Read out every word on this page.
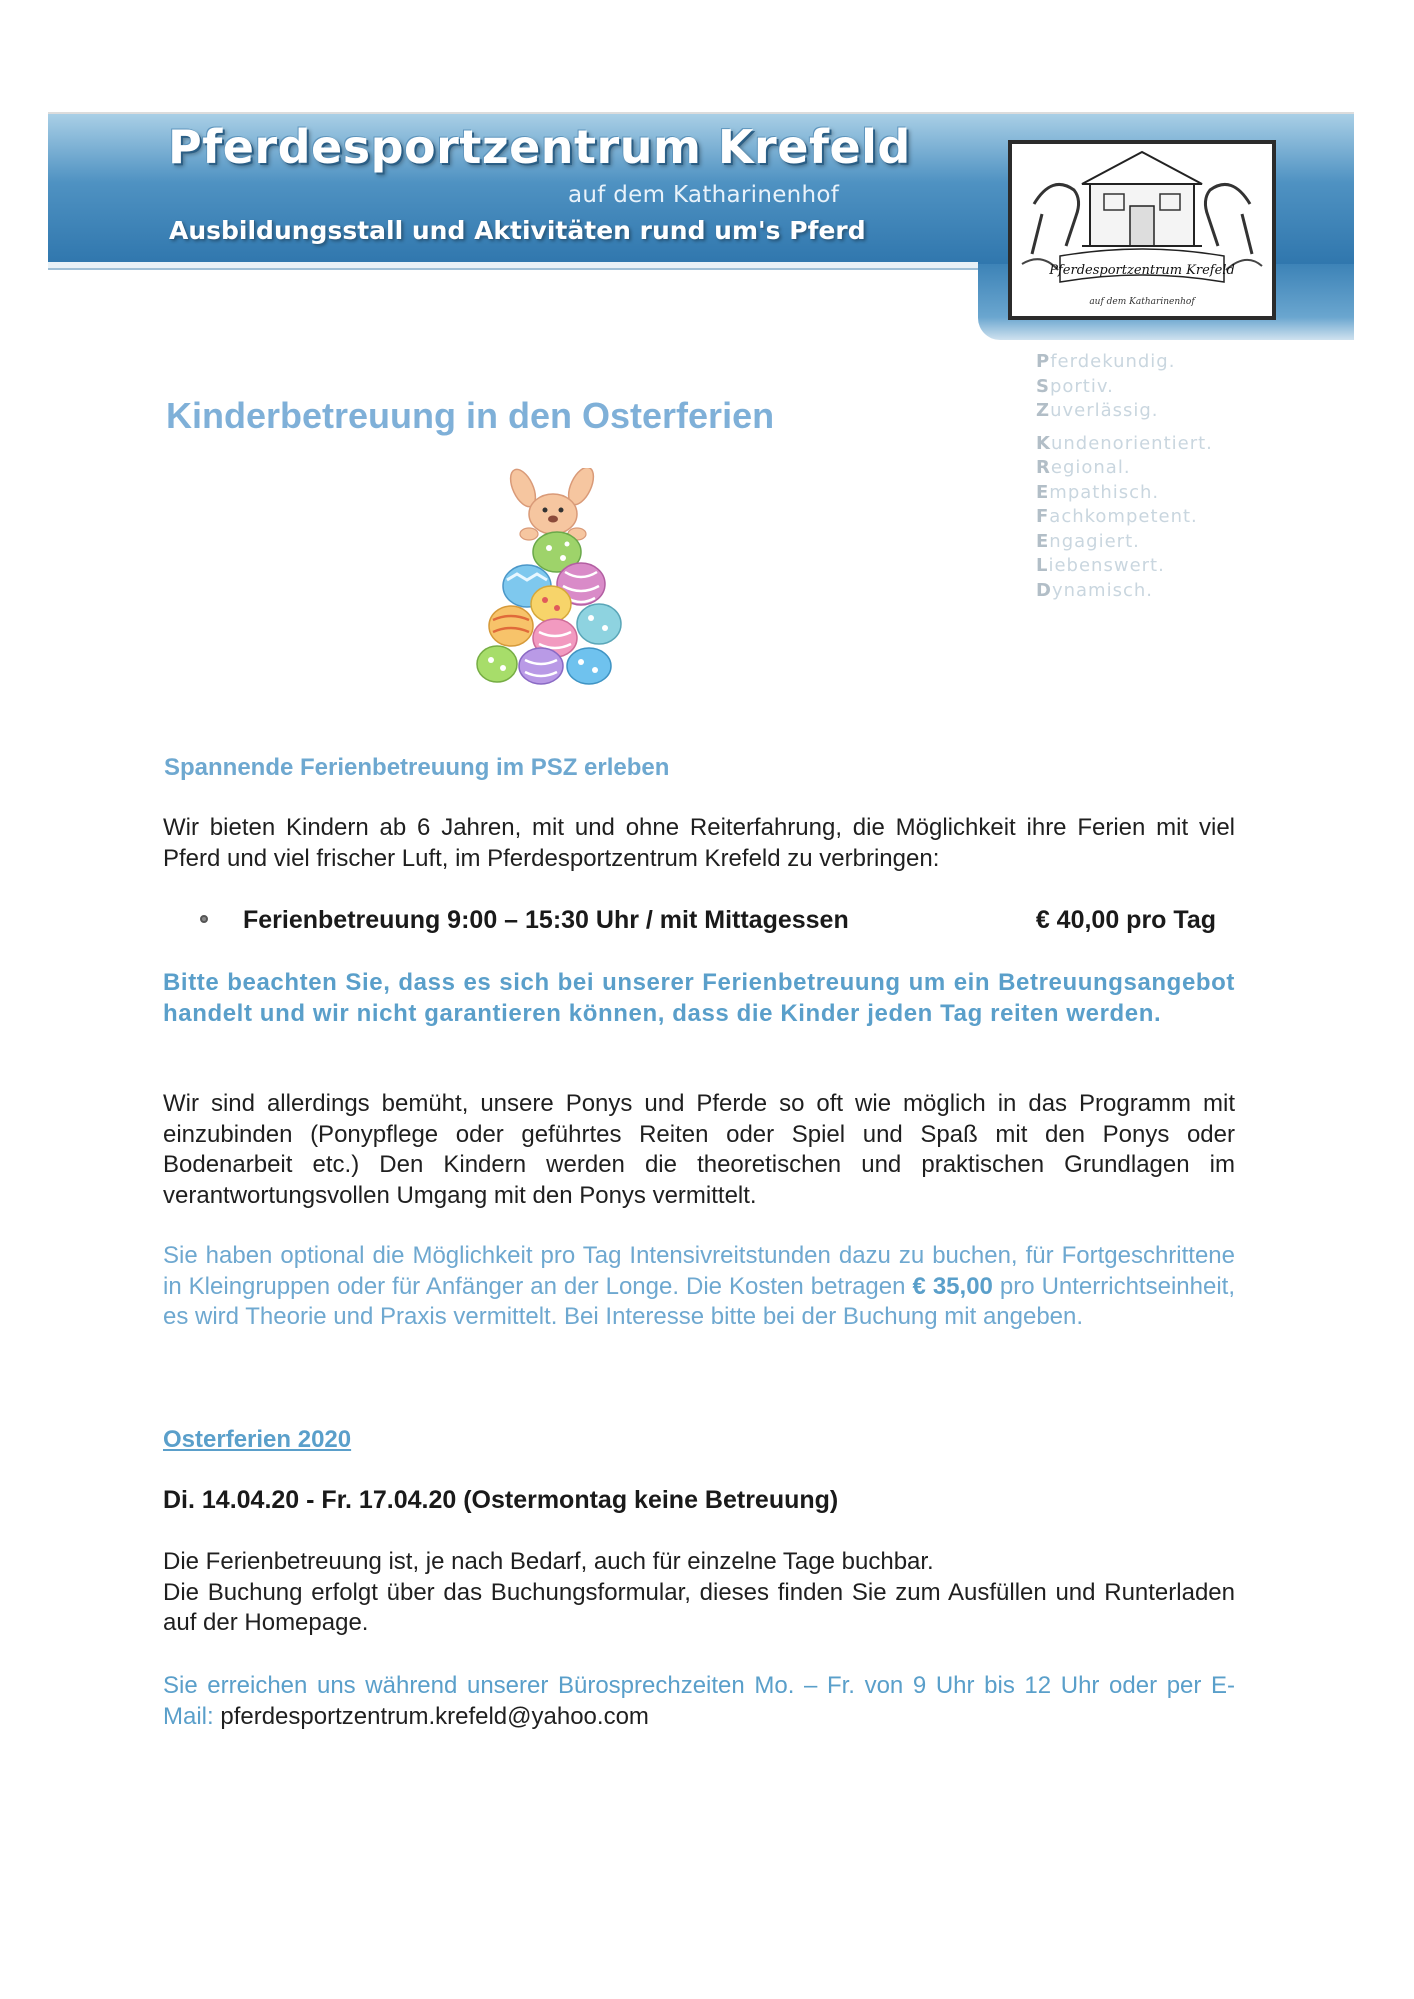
Pferdesportzentrum Krefeld
auf dem Katharinenhof
Ausbildungsstall und Aktivitäten rund um's Pferd
Pferdesportzentrum Krefeld
auf dem Katharinenhof
Pferdekundig.
Sportiv.
Zuverlässig.
Kundenorientiert.
Regional.
Empathisch.
Fachkompetent.
Engagiert.
Liebenswert.
Dynamisch.
Kinderbetreuung in den Osterferien
Spannende Ferienbetreuung im PSZ erleben

Wir bieten Kindern ab 6 Jahren, mit und ohne Reiterfahrung, die Möglichkeit ihre Ferien mit viel Pferd und viel frischer Luft, im Pferdesportzentrum Krefeld zu verbringen:

Ferienbetreuung 9:00 – 15:30 Uhr / mit Mittagessen	€ 40,00 pro Tag

Bitte beachten Sie, dass es sich bei unserer Ferienbetreuung um ein Betreuungsangebot handelt und wir nicht garantieren können, dass die Kinder jeden Tag reiten werden.

Wir sind allerdings bemüht, unsere Ponys und Pferde so oft wie möglich in das Programm mit einzubinden (Ponypflege oder geführtes Reiten oder Spiel und Spaß mit den Ponys oder Bodenarbeit etc.) Den Kindern werden die theoretischen und praktischen Grundlagen im verantwortungsvollen Umgang mit den Ponys vermittelt.

Sie haben optional die Möglichkeit pro Tag Intensivreitstunden dazu zu buchen, für Fortgeschrittene in Kleingruppen oder für Anfänger an der Longe. Die Kosten betragen € 35,00 pro Unterrichtseinheit, es wird Theorie und Praxis vermittelt. Bei Interesse bitte bei der Buchung mit angeben.

Osterferien 2020

Di. 14.04.20 - Fr. 17.04.20 (Ostermontag keine Betreuung)

Die Ferienbetreuung ist, je nach Bedarf, auch für einzelne Tage buchbar.
Die Buchung erfolgt über das Buchungsformular, dieses finden Sie zum Ausfüllen und Runterladen auf der Homepage.

Sie erreichen uns während unserer Bürosprechzeiten Mo. – Fr. von 9 Uhr bis 12 Uhr oder per E-Mail: pferdesportzentrum.krefeld@yahoo.com
